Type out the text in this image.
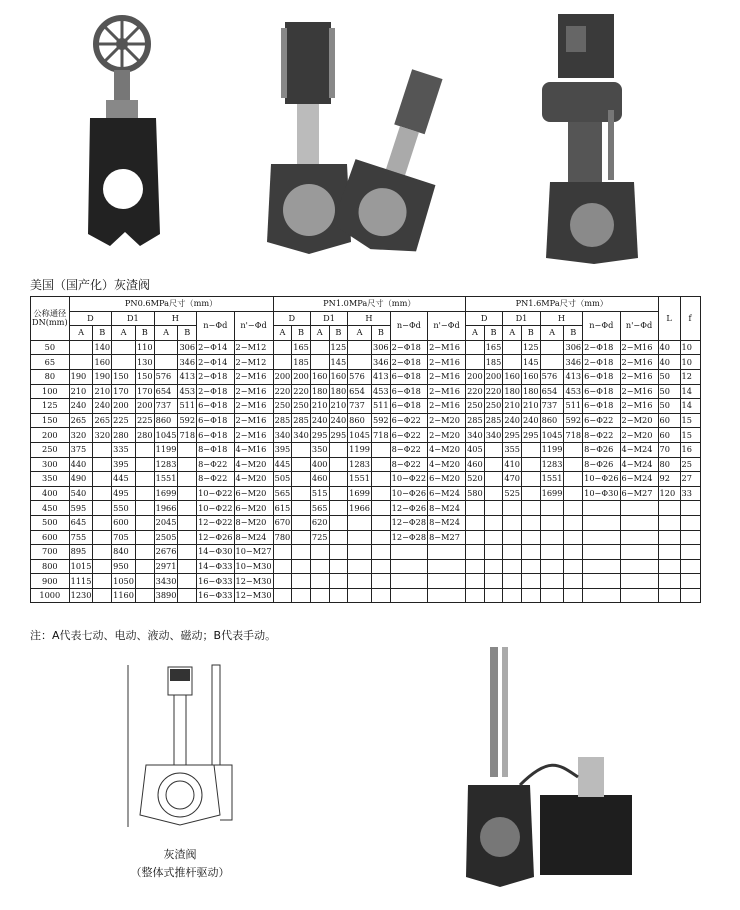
美国（国产化）灰渣阀
公称通径DN(mm)	PN0.6MPa尺寸（mm）								PN1.0MPa尺寸（mm）								PN1.6MPa尺寸（mm）								L	f
	D		D1		H		n−Φd	n'−Φd	D		D1		H		n−Φd	n'−Φd	D		D1		H		n−Φd	n'−Φd		
	A	B	A	B	A	B			A	B	A	B	A	B			A	B	A	B	A	B				
50		140		110		306	2−Φ14	2−M12		165		125		306	2−Φ18	2−M16		165		125		306	2−Φ18	2−M16	40	10
65		160		130		346	2−Φ14	2−M12		185		145		346	2−Φ18	2−M16		185		145		346	2−Φ18	2−M16	40	10
80	190	190	150	150	576	413	2−Φ18	2−M16	200	200	160	160	576	413	6−Φ18	2−M16	200	200	160	160	576	413	6−Φ18	2−M16	50	12
100	210	210	170	170	654	453	2−Φ18	2−M16	220	220	180	180	654	453	6−Φ18	2−M16	220	220	180	180	654	453	6−Φ18	2−M16	50	14
125	240	240	200	200	737	511	6−Φ18	2−M16	250	250	210	210	737	511	6−Φ18	2−M16	250	250	210	210	737	511	6−Φ18	2−M16	50	14
150	265	265	225	225	860	592	6−Φ18	2−M16	285	285	240	240	860	592	6−Φ22	2−M20	285	285	240	240	860	592	6−Φ22	2−M20	60	15
200	320	320	280	280	1045	718	6−Φ18	2−M16	340	340	295	295	1045	718	6−Φ22	2−M20	340	340	295	295	1045	718	8−Φ22	2−M20	60	15
250	375		335		1199		8−Φ18	4−M16	395		350		1199		8−Φ22	4−M20	405		355		1199		8−Φ26	4−M24	70	16
300	440		395		1283		8−Φ22	4−M20	445		400		1283		8−Φ22	4−M20	460		410		1283		8−Φ26	4−M24	80	25
350	490		445		1551		8−Φ22	4−M20	505		460		1551		10−Φ22	6−M20	520		470		1551		10−Φ26	6−M24	92	27
400	540		495		1699		10−Φ22	6−M20	565		515		1699		10−Φ26	6−M24	580		525		1699		10−Φ30	6−M27	120	33
450	595		550		1966		10−Φ22	6−M20	615		565		1966		12−Φ26	8−M24										
500	645		600		2045		12−Φ22	8−M20	670		620				12−Φ28	8−M24										
600	755		705		2505		12−Φ26	8−M24	780		725				12−Φ28	8−M27										
700	895		840		2676		14−Φ30	10−M27																		
800	1015		950		2971		14−Φ33	10−M30																		
900	1115		1050		3430		16−Φ33	12−M30																		
1000	1230		1160		3890		16−Φ33	12−M30																		
注：A代表七动、电动、液动、磁动；B代表手动。
灰渣阀
（整体式推杆驱动）
